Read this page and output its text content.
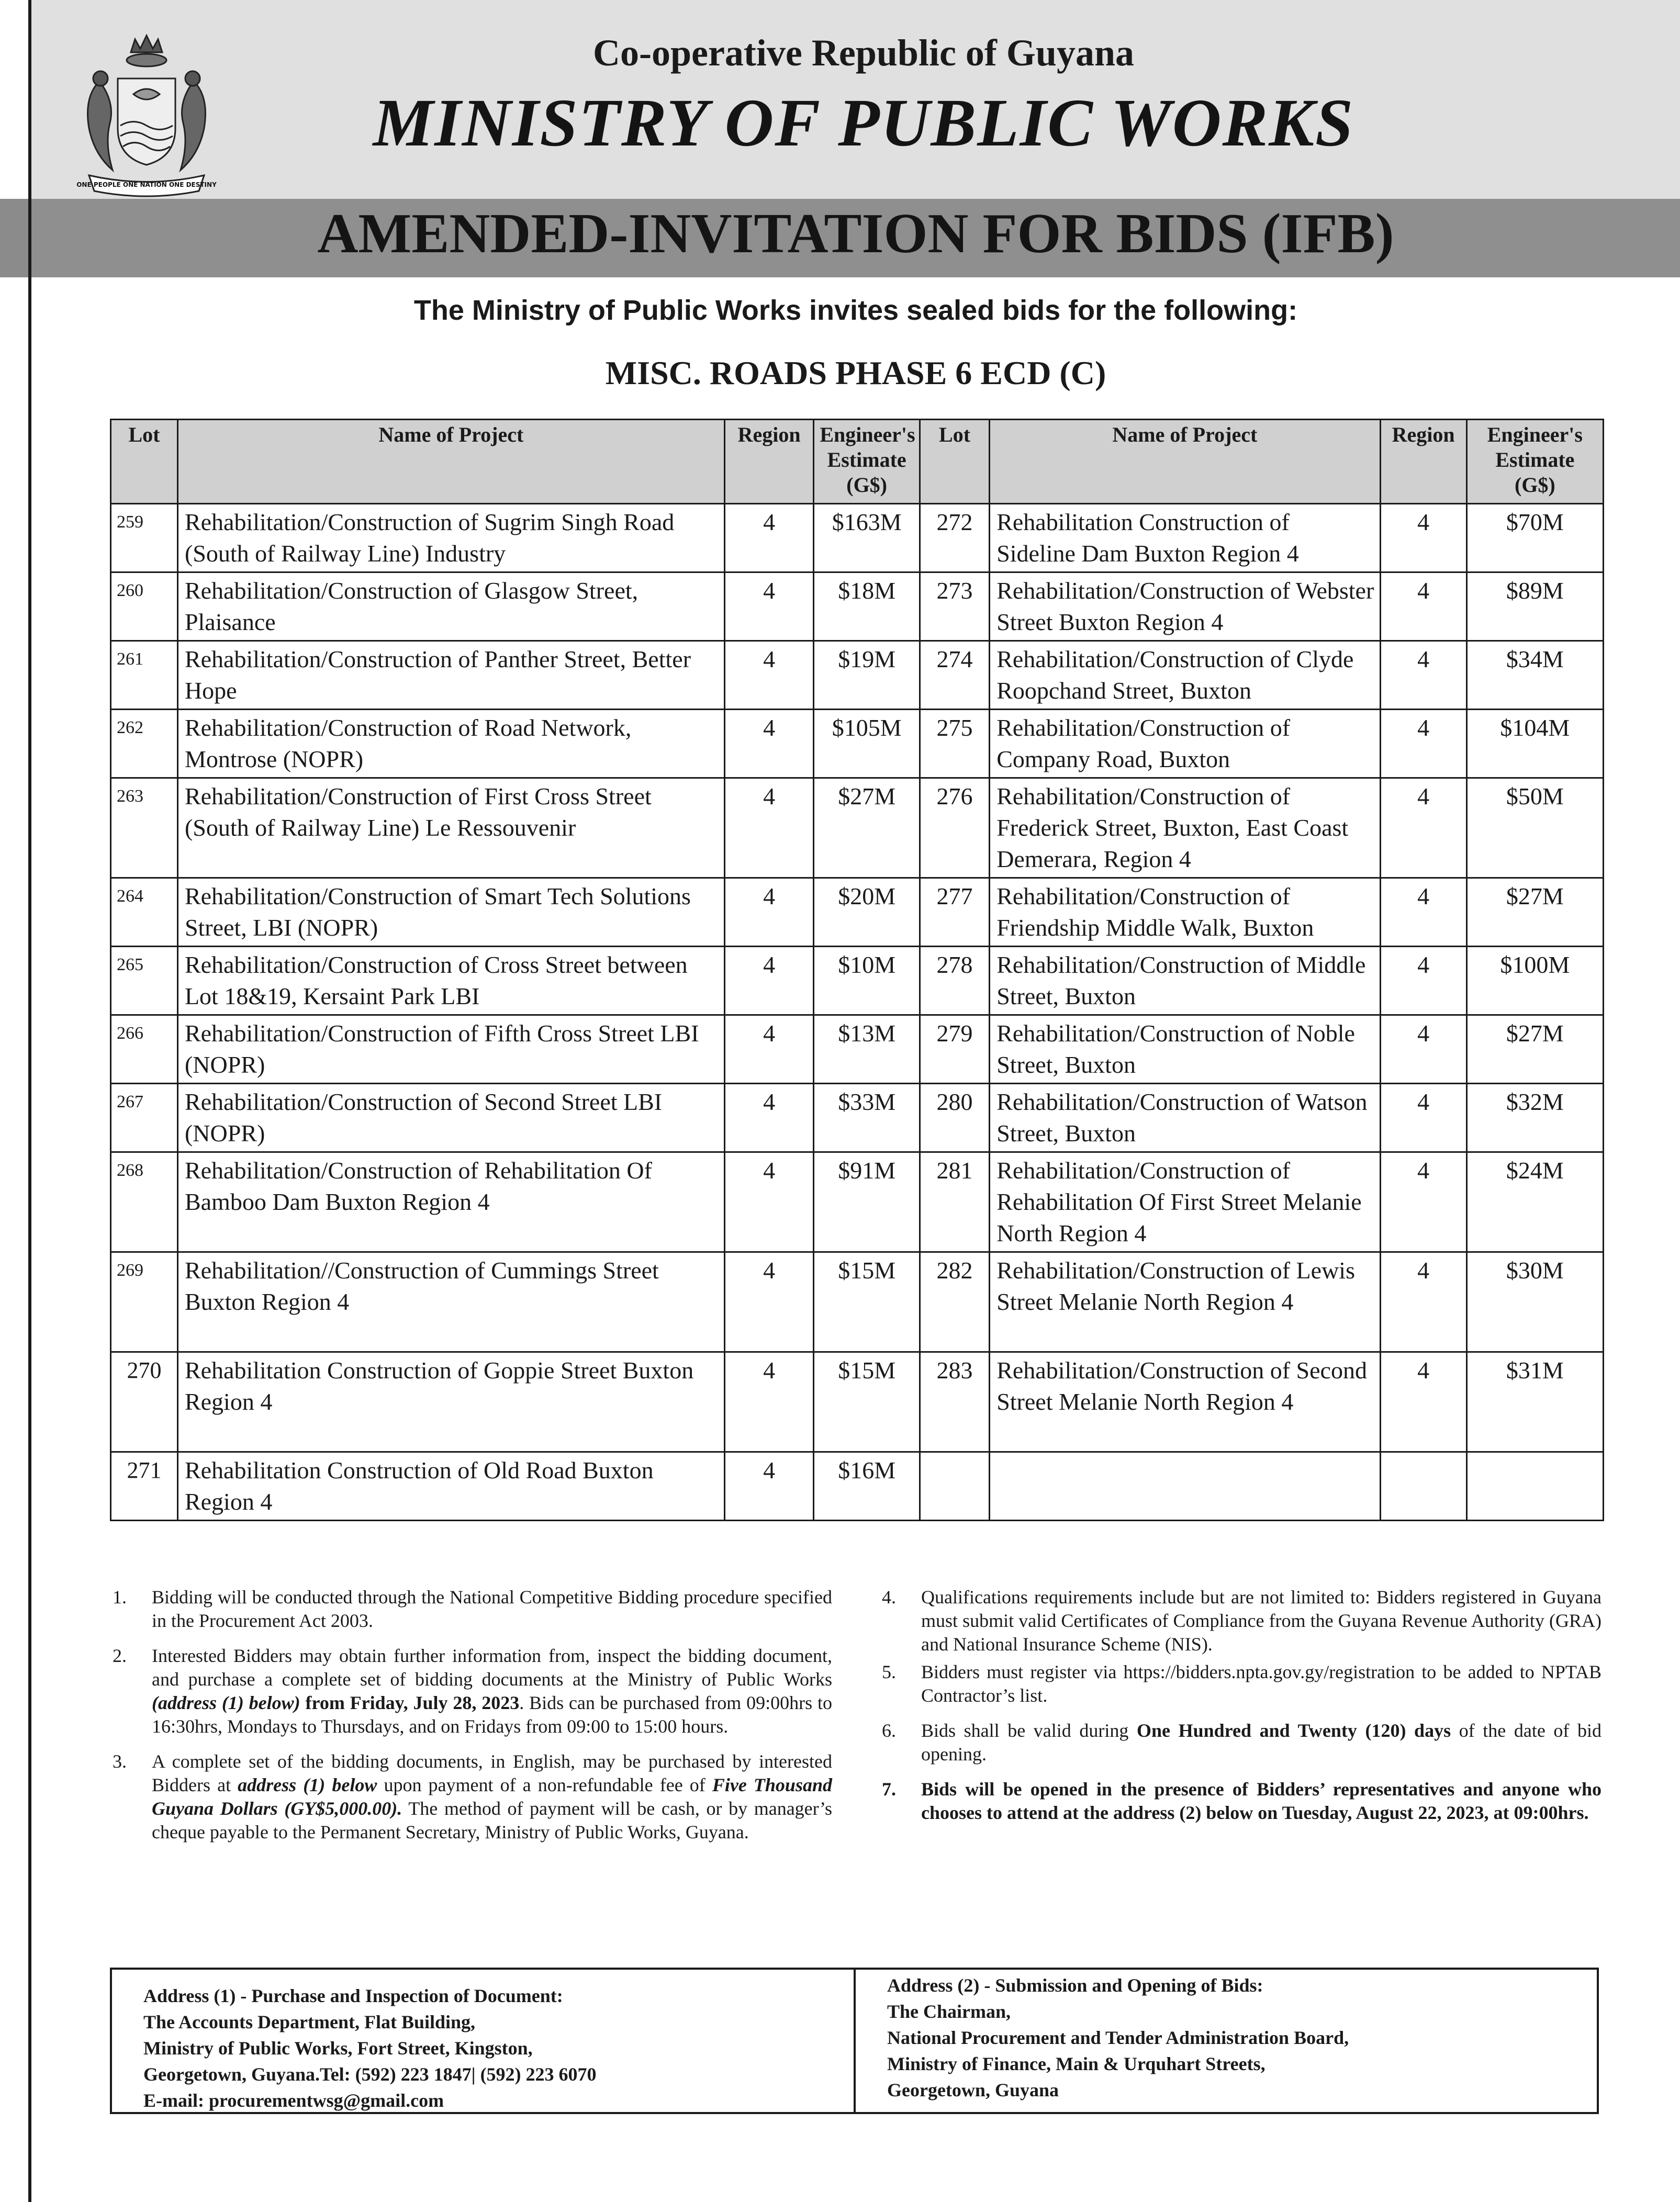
ONE PEOPLE ONE NATION ONE DESTINY
Co-operative Republic of Guyana
MINISTRY OF PUBLIC WORKS
AMENDED-INVITATION FOR BIDS (IFB)
The Ministry of Public Works invites sealed bids for the following:
MISC. ROADS PHASE 6 ECD (C)
Lot	Name of Project	Region	Engineer's Estimate (G$)	Lot	Name of Project	Region	Engineer's Estimate (G$)
259	Rehabilitation/Construction of Sugrim Singh Road (South of Railway Line) Industry	4	$163M	272	Rehabilitation Construction of Sideline Dam Buxton Region 4	4	$70M
260	Rehabilitation/Construction of Glasgow Street, Plaisance	4	$18M	273	Rehabilitation/Construction of Webster Street Buxton Region 4	4	$89M
261	Rehabilitation/Construction of Panther Street, Better Hope	4	$19M	274	Rehabilitation/Construction of Clyde Roopchand Street, Buxton	4	$34M
262	Rehabilitation/Construction of Road Network, Montrose (NOPR)	4	$105M	275	Rehabilitation/Construction of Company Road, Buxton	4	$104M
263	Rehabilitation/Construction of First Cross Street (South of Railway Line) Le Ressouvenir	4	$27M	276	Rehabilitation/Construction of Frederick Street, Buxton, East Coast Demerara, Region 4	4	$50M
264	Rehabilitation/Construction of Smart Tech Solutions Street, LBI (NOPR)	4	$20M	277	Rehabilitation/Construction of Friendship Middle Walk, Buxton	4	$27M
265	Rehabilitation/Construction of Cross Street between Lot 18&19, Kersaint Park LBI	4	$10M	278	Rehabilitation/Construction of Middle Street, Buxton	4	$100M
266	Rehabilitation/Construction of Fifth Cross Street LBI (NOPR)	4	$13M	279	Rehabilitation/Construction of Noble Street, Buxton	4	$27M
267	Rehabilitation/Construction of Second Street LBI (NOPR)	4	$33M	280	Rehabilitation/Construction of Watson Street, Buxton	4	$32M
268	Rehabilitation/Construction of Rehabilitation Of Bamboo Dam Buxton Region 4	4	$91M	281	Rehabilitation/Construction of Rehabilitation Of First Street Melanie North Region 4	4	$24M
269	Rehabilitation//Construction of Cummings Street Buxton Region 4	4	$15M	282	Rehabilitation/Construction of Lewis Street Melanie North Region 4	4	$30M
270	Rehabilitation Construction of Goppie Street Buxton Region 4	4	$15M	283	Rehabilitation/Construction of Second Street Melanie North Region 4	4	$31M
271	Rehabilitation Construction of Old Road Buxton Region 4	4	$16M				
1.	Bidding will be conducted through the National Competitive Bidding procedure specified in the Procurement Act 2003.
2.	Interested Bidders may obtain further information from, inspect the bidding document, and purchase a complete set of bidding documents at the Ministry of Public Works (address (1) below) from Friday, July 28, 2023. Bids can be purchased from 09:00hrs to 16:30hrs, Mondays to Thursdays, and on Fridays from 09:00 to 15:00 hours.
3.	A complete set of the bidding documents, in English, may be purchased by interested Bidders at address (1) below upon payment of a non-refundable fee of Five Thousand Guyana Dollars (GY$5,000.00). The method of payment will be cash, or by manager’s cheque payable to the Permanent Secretary, Ministry of Public Works, Guyana.
4.	Qualifications requirements include but are not limited to: Bidders registered in Guyana must submit valid Certificates of Compliance from the Guyana Revenue Authority (GRA) and National Insurance Scheme (NIS).
5.	Bidders must register via https://bidders.npta.gov.gy/registration to be added to NPTAB Contractor’s list.
6.	Bids shall be valid during One Hundred and Twenty (120) days of the date of bid opening.
7.	Bids will be opened in the presence of Bidders’ representatives and anyone who chooses to attend at the address (2) below on Tuesday, August 22, 2023, at 09:00hrs.
Address (1) - Purchase and Inspection of Document:
The Accounts Department, Flat Building,
Ministry of Public Works, Fort Street, Kingston,
Georgetown, Guyana.Tel: (592) 223 1847| (592) 223 6070
E-mail: procurementwsg@gmail.com
Address (2) - Submission and Opening of Bids:
The Chairman,
National Procurement and Tender Administration Board,
Ministry of Finance, Main & Urquhart Streets,
Georgetown, Guyana
